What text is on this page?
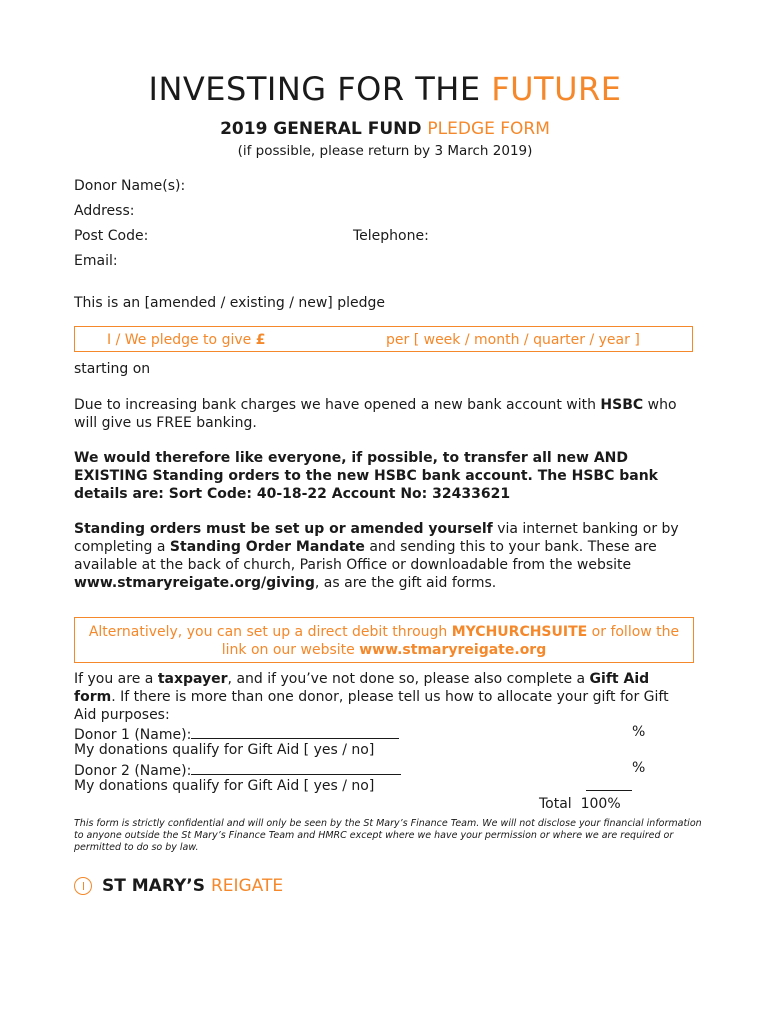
INVESTING FOR THE FUTURE
2019 GENERAL FUND PLEDGE FORM
(if possible, please return by 3 March 2019)
Donor Name(s):
Address:
Post Code:	Telephone:
Email:
This is an [amended / existing / new] pledge
I / We pledge to give £	per [ week / month / quarter / year ]
starting on
Due to increasing bank charges we have opened a new bank account with HSBC who will give us FREE banking.
We would therefore like everyone, if possible, to transfer all new AND EXISTING Standing orders to the new HSBC bank account. The HSBC bank details are: Sort Code: 40-18-22 Account No: 32433621
Standing orders must be set up or amended yourself via internet banking or by completing a Standing Order Mandate and sending this to your bank. These are available at the back of church, Parish Office or downloadable from the website www.stmaryreigate.org/giving, as are the gift aid forms.
Alternatively, you can set up a direct debit through MYCHURCHSUITE or follow the link on our website www.stmaryreigate.org
If you are a taxpayer, and if you’ve not done so, please also complete a Gift Aid form. If there is more than one donor, please tell us how to allocate your gift for Gift Aid purposes:
Donor 1 (Name):	%
My donations qualify for Gift Aid [ yes / no]
Donor 2 (Name):	%
My donations qualify for Gift Aid [ yes / no]
Total 100%
This form is strictly confidential and will only be seen by the St Mary’s Finance Team. We will not disclose your financial information to anyone outside the St Mary’s Finance Team and HMRC except where we have your permission or where we are required or permitted to do so by law.
ST MARY’S REIGATE
